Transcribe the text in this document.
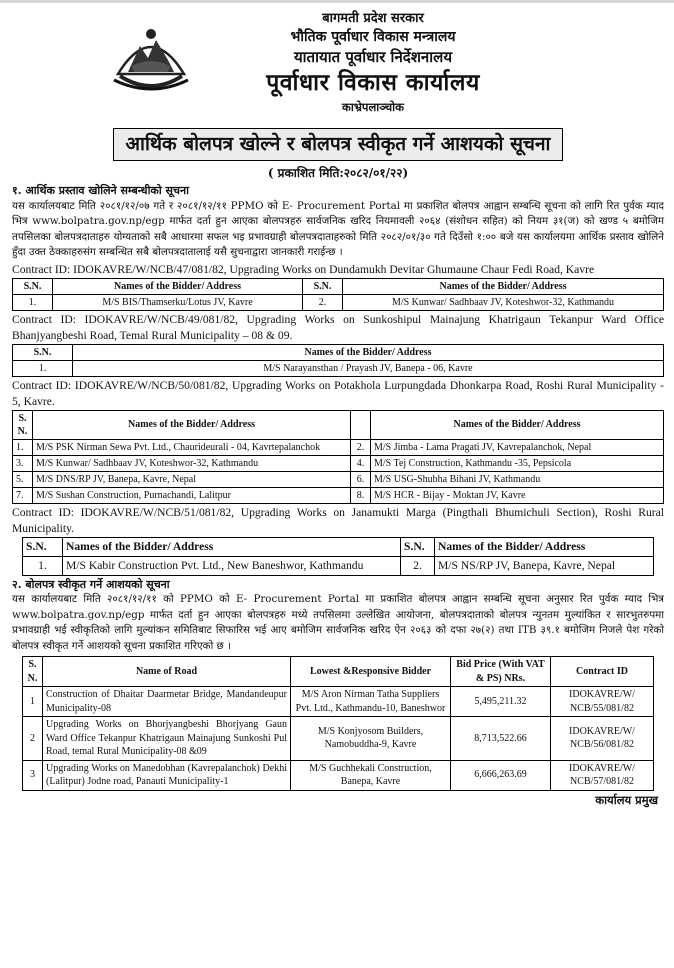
बागमती प्रदेश सरकार
भौतिक पूर्वाधार विकास मन्त्रालय
यातायात पूर्वाधार निर्देशनालय
पूर्वाधार विकास कार्यालय
काभ्रेपलाञ्चोक
आर्थिक बोलपत्र खोल्ने र बोलपत्र स्वीकृत गर्ने आशयको सूचना
( प्रकाशित मिति:२०८२/०१/२२)
१. आर्थिक प्रस्ताव खोलिने सम्बन्धीको सूचना
यस कार्यालयबाट मिति २०८१/१२/०७ गते र २०८१/१२/११ PPMO को E- Procurement Portal मा प्रकाशित बोलपत्र आह्वान सम्बन्धि सूचना को लागि रित पुर्वक म्याद भित्र www.bolpatra.gov.np/egp मार्फत दर्ता हुन आएका बोलपत्रहरु सार्वजनिक खरिद नियमावली २०६४ (संशोधन सहित) को नियम ३१(ज) को खण्ड ५ बमोजिम तपसिलका बोलपत्रदाताहरु योग्यताको सबै आधारमा सफल भइ प्रभावग्राही बोलपत्रदाताहरुको मिति २०८२/०१/३० गते दिउँसो १:०० बजे यस कार्यालयमा आर्थिक प्रस्ताव खोलिने हुँदा उक्त ठेक्काहरुसंग सम्बन्धित सबै बोलपत्रदातालाई यसै सुचनाद्वारा जानकारी गराईन्छ ।
Contract ID: IDOKAVRE/W/NCB/47/081/82, Upgrading Works on Dundamukh Devitar Ghumaune Chaur Fedi Road, Kavre
S.N.	Names of the Bidder/ Address	S.N.	Names of the Bidder/ Address
1.	M/S BIS/Thamserku/Lotus JV, Kavre	2.	M/S Kunwar/ Sadhbaav JV, Koteshwor-32, Kathmandu
Contract ID: IDOKAVRE/W/NCB/49/081/82, Upgrading Works on Sunkoshipul Mainajung Khatrigaun Tekanpur Ward Office Bhanjyangbeshi Road, Temal Rural Municipality – 08 & 09.
S.N.	Names of the Bidder/ Address
1.	M/S Narayansthan / Prayash JV, Banepa - 06, Kavre
Contract ID: IDOKAVRE/W/NCB/50/081/82, Upgrading Works on Potakhola Lurpungdada Dhonkarpa Road, Roshi Rural Municipality - 5, Kavre.
S.
N.	Names of the Bidder/ Address		Names of the Bidder/ Address
1.	M/S PSK Nirman Sewa Pvt. Ltd., Chaurideurali - 04, Kavrtepalanchok	2.	M/S Jimba - Lama Pragati JV, Kavrepalanchok, Nepal
3.	M/S Kunwar/ Sadhbaav JV, Koteshwor-32, Kathmandu	4.	M/S Tej Construction, Kathmandu -35, Pepsicola
5.	M/S DNS/RP JV, Banepa, Kavre, Nepal	6.	M/S USG-Shubha Bihani JV, Kathmandu
7.	M/S Sushan Construction, Purnachandi, Lalitpur	8.	M/S HCR - Bijay - Moktan JV, Kavre
Contract ID: IDOKAVRE/W/NCB/51/081/82, Upgrading Works on Janamukti Marga (Pingthali Bhumichuli Section), Roshi Rural Municipality.
S.N.	Names of the Bidder/ Address	S.N.	Names of the Bidder/ Address
1.	M/S Kabir Construction Pvt. Ltd., New Baneshwor, Kathmandu	2.	M/S NS/RP JV, Banepa, Kavre, Nepal
२. बोलपत्र स्वीकृत गर्ने आशयको सूचना
यस कार्यालयबाट मिति २०८१/१२/११ को PPMO को E- Procurement Portal मा प्रकाशित बोलपत्र आह्वान सम्बन्धि सूचना अनुसार रित पुर्वक म्याद भित्र www.bolpatra.gov.np/egp मार्फत दर्ता हुन आएका बोलपत्रहरु मध्ये तपसिलमा उल्लेखित आयोजना, बोलपत्रदाताको बोलपत्र न्युनतम मुल्यांकित र सारभुतरुपमा प्रभावग्राही भई स्वीकृतिको लागि मुल्यांकन समितिबाट सिफारिस भई आए बमोजिम सार्वजनिक खरिद ऐन २०६३ को दफा २७(२) तथा ITB ३९.१ बमोजिम निजले पेश गरेको बोलपत्र स्वीकृत गर्ने आशयको सूचना प्रकाशित गरिएको छ ।
S.
N.	Name of Road	Lowest &Responsive Bidder	Bid Price (With VAT & PS) NRs.	Contract ID
1	Construction of Dhaitar Daarmetar Bridge, Mandandeupur Municipality-08	M/S Aron Nirman Tatha Suppliers Pvt. Ltd., Kathmandu-10, Baneshwor	5,495,211.32	IDOKAVRE/W/ NCB/55/081/82
2	Upgrading Works on Bhorjyangbeshi Bhorjyang Gaun Ward Office Tekanpur Khatrigaun Mainajung Sunkoshi Pul Road, temal Rural Municipality-08 &09	M/S Konjyosom Builders, Namobuddha-9, Kavre	8,713,522.66	IDOKAVRE/W/ NCB/56/081/82
3	Upgrading Works on Manedobhan (Kavrepalanchok) Dekhi (Lalitpur) Jodne road, Panauti Municipality-1	M/S Guchhekali Construction, Banepa, Kavre	6,666,263.69	IDOKAVRE/W/ NCB/57/081/82
कार्यालय प्रमुख
